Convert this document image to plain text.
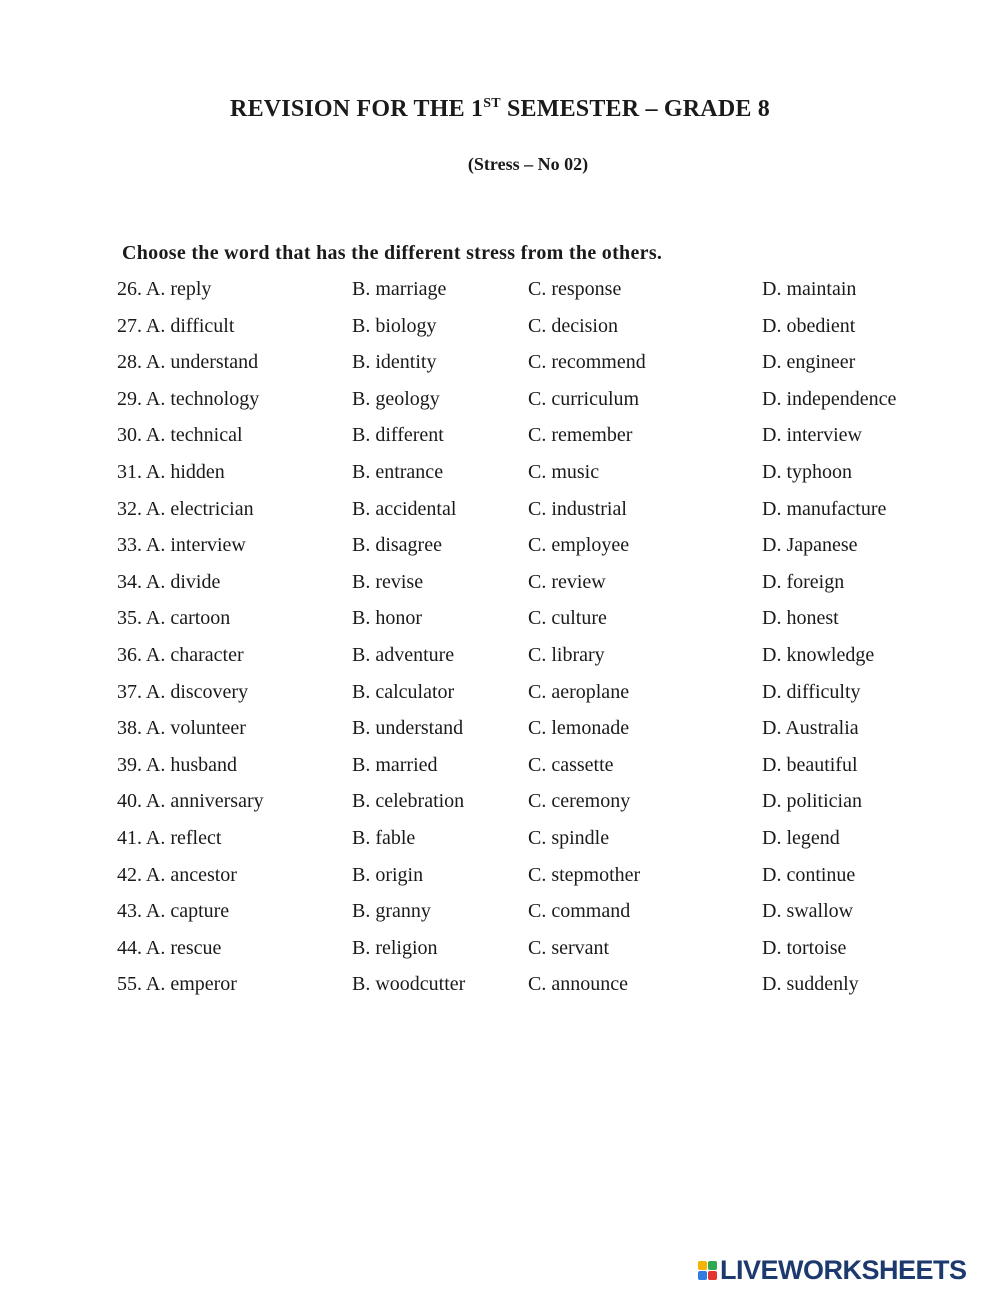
REVISION FOR THE 1ST SEMESTER – GRADE 8
(Stress – No 02)
Choose the word that has the different stress from the others.
26. A. reply	B. marriage	C. response	D. maintain
27. A. difficult	B. biology	C. decision	D. obedient
28. A. understand	B. identity	C. recommend	D. engineer
29. A. technology	B. geology	C. curriculum	D. independence
30. A. technical	B. different	C. remember	D. interview
31. A. hidden	B. entrance	C. music	D. typhoon
32. A. electrician	B. accidental	C. industrial	D. manufacture
33. A. interview	B. disagree	C. employee	D. Japanese
34. A. divide	B. revise	C. review	D. foreign
35. A. cartoon	B. honor	C. culture	D. honest
36. A. character	B. adventure	C. library	D. knowledge
37. A. discovery	B. calculator	C. aeroplane	D. difficulty
38. A. volunteer	B. understand	C. lemonade	D. Australia
39. A. husband	B. married	C. cassette	D. beautiful
40. A. anniversary	B. celebration	C. ceremony	D. politician
41. A. reflect	B. fable	C. spindle	D. legend
42. A. ancestor	B. origin	C. stepmother	D. continue
43. A. capture	B. granny	C. command	D. swallow
44. A. rescue	B. religion	C. servant	D. tortoise
55. A. emperor	B. woodcutter	C. announce	D. suddenly
LIVEWORKSHEETS
